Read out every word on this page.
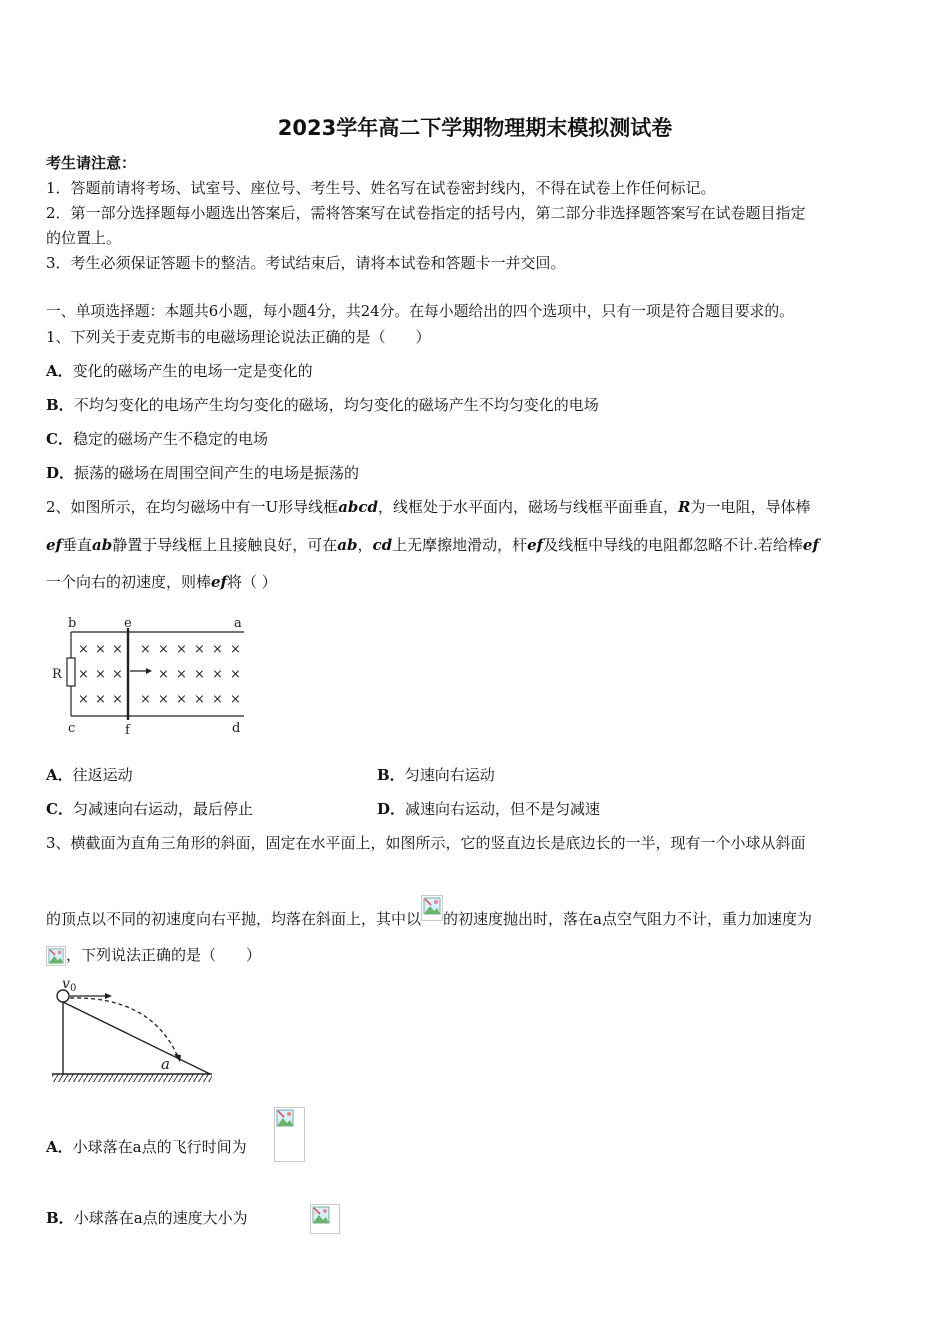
2023学年高二下学期物理期末模拟测试卷
考生请注意：
1．答题前请将考场、试室号、座位号、考生号、姓名写在试卷密封线内，不得在试卷上作任何标记。
2．第一部分选择题每小题选出答案后，需将答案写在试卷指定的括号内，第二部分非选择题答案写在试卷题目指定
的位置上。
3．考生必须保证答题卡的整洁。考试结束后，请将本试卷和答题卡一并交回。
一、单项选择题：本题共6小题，每小题4分，共24分。在每小题给出的四个选项中，只有一项是符合题目要求的。
1、下列关于麦克斯韦的电磁场理论说法正确的是（　　）
A．变化的磁场产生的电场一定是变化的
B．不均匀变化的电场产生均匀变化的磁场，均匀变化的磁场产生不均匀变化的电场
C．稳定的磁场产生不稳定的电场
D．振荡的磁场在周围空间产生的电场是振荡的
2、如图所示，在均匀磁场中有一U形导线框abcd，线框处于水平面内，磁场与线框平面垂直，R为一电阻，导体棒
ef垂直ab静置于导线框上且接触良好，可在ab，cd上无摩擦地滑动，杆ef及线框中导线的电阻都忽略不计.若给棒ef
一个向右的初速度，则棒ef将（ ）
b	e	a
R
c	f	d
× × × × × × × × ×
× × ×	× × × × ×
× × × × × × × × ×
A．往返运动	B．匀速向右运动
C．匀减速向右运动，最后停止	D．减速向右运动，但不是匀减速
3、横截面为直角三角形的斜面，固定在水平面上，如图所示，它的竖直边长是底边长的一半，现有一个小球从斜面
的顶点以不同的初速度向右平抛，均落在斜面上，其中以 的初速度抛出时，落在a点空气阻力不计，重力加速度为
，下列说法正确的是（　　）
v 0
a
A．小球落在a点的飞行时间为

B．小球落在a点的速度大小为
